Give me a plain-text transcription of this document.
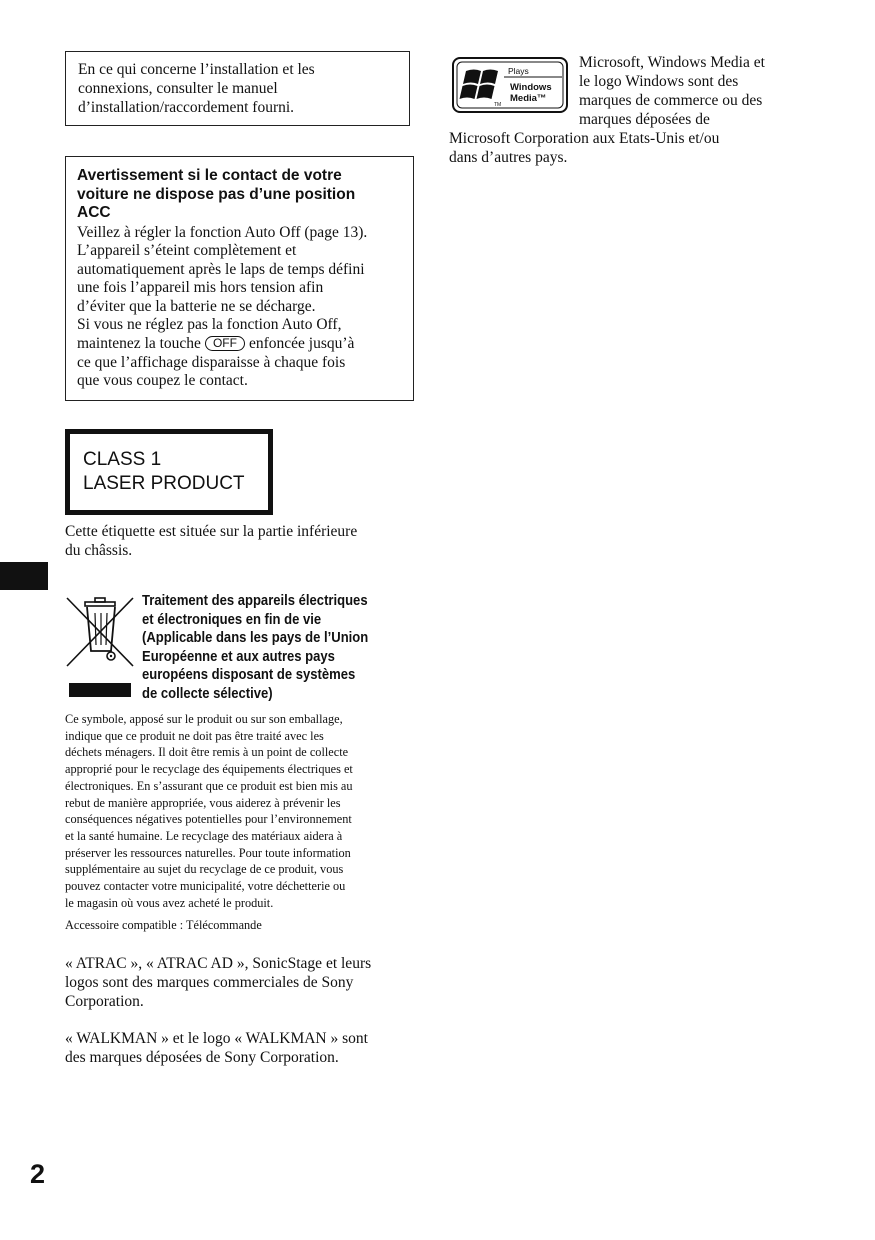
En ce qui concerne l’installation et les
connexions, consulter le manuel
d’installation/raccordement fourni.
Avertissement si le contact de votre
voiture ne dispose pas d’une position
ACC
Veillez à régler la fonction Auto Off (page 13).
L’appareil s’éteint complètement et
automatiquement après le laps de temps défini
une fois l’appareil mis hors tension afin
d’éviter que la batterie ne se décharge.
Si vous ne réglez pas la fonction Auto Off,
maintenez la touche OFF enfoncée jusqu’à
ce que l’affichage disparaisse à chaque fois
que vous coupez le contact.
CLASS 1
LASER PRODUCT
Cette étiquette est située sur la partie inférieure
du châssis.
Traitement des appareils électriques
et électroniques en fin de vie
(Applicable dans les pays de l’Union
Européenne et aux autres pays
européens disposant de systèmes
de collecte sélective)
Ce symbole, apposé sur le produit ou sur son emballage,
indique que ce produit ne doit pas être traité avec les
déchets ménagers. Il doit être remis à un point de collecte
approprié pour le recyclage des équipements électriques et
électroniques. En s’assurant que ce produit est bien mis au
rebut de manière appropriée, vous aiderez à prévenir les
conséquences négatives potentielles pour l’environnement
et la santé humaine. Le recyclage des matériaux aidera à
préserver les ressources naturelles. Pour toute information
supplémentaire au sujet du recyclage de ce produit, vous
pouvez contacter votre municipalité, votre déchetterie ou
le magasin où vous avez acheté le produit.
Accessoire compatible : Télécommande
« ATRAC », « ATRAC AD », SonicStage et leurs
logos sont des marques commerciales de Sony
Corporation.
« WALKMAN » et le logo « WALKMAN » sont
des marques déposées de Sony Corporation.
2
Plays
Windows
Media™
TM
Microsoft, Windows Media et
le logo Windows sont des
marques de commerce ou des
marques déposées de
Microsoft Corporation aux Etats-Unis et/ou
dans d’autres pays.
